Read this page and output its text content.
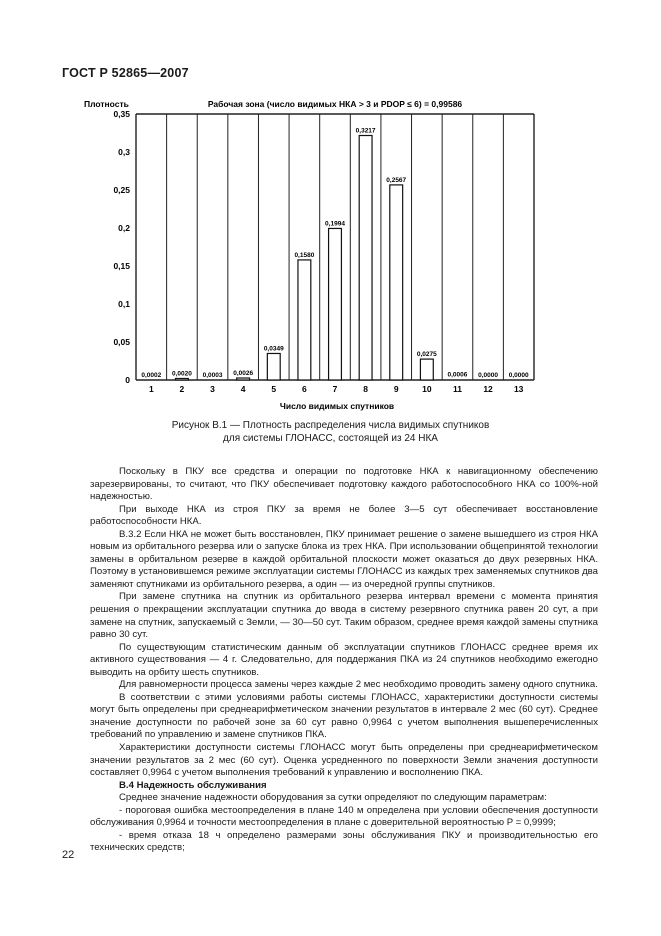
ГОСТ Р 52865—2007
Плотность	Рабочая зона (число видимых НКА > 3 и PDOP ≤ 6) = 0,99586
0,0002 0,0020 0,0003 0,0026
0,0349
0,1580
0,1994
0,3217
0,2567
0,0275
0,0006 0,0000 0,0000
0
0,05
0,1
0,15
0,2
0,25
0,3
0,35
1	2	3	4	5	6	7	8	9	10	11	12 13
Число видимых спутников
Рисунок В.1 — Плотность распределения числа видимых спутников
для системы ГЛОНАСС, состоящей из 24 НКА

Поскольку в ПКУ все средства и операции по подготовке НКА к навигационному обеспечению зарезервированы, то считают, что ПКУ обеспечивает подготовку каждого работоспособного НКА со 100%-ной надежностью.

При выходе НКА из строя ПКУ за время не более 3—5 сут обеспечивает восстановление работоспособности НКА.

В.3.2 Если НКА не может быть восстановлен, ПКУ принимает решение о замене вышедшего из строя НКА новым из орбитального резерва или о запуске блока из трех НКА. При использовании общепринятой технологии замены в орбитальном резерве в каждой орбитальной плоскости может оказаться до двух резервных НКА. Поэтому в установившемся режиме эксплуатации системы ГЛОНАСС из каждых трех заменяемых спутников два заменяют спутниками из орбитального резерва, а один — из очередной группы спутников.

При замене спутника на спутник из орбитального резерва интервал времени с момента принятия решения о прекращении эксплуатации спутника до ввода в систему резервного спутника равен 20 сут, а при замене на спутник, запускаемый с Земли, — 30—50 сут. Таким образом, среднее время каждой замены спутника равно 30 сут.

По существующим статистическим данным об эксплуатации спутников ГЛОНАСС среднее время их активного существования — 4 г. Следовательно, для поддержания ПКА из 24 спутников необходимо ежегодно выводить на орбиту шесть спутников.

Для равномерности процесса замены через каждые 2 мес необходимо проводить замену одного спутника.

В соответствии с этими условиями работы системы ГЛОНАСС, характеристики доступности системы могут быть определены при среднеарифметическом значении результатов в интервале 2 мес (60 сут). Среднее значение доступности по рабочей зоне за 60 сут равно 0,9964 с учетом выполнения вышеперечисленных требований по управлению и замене спутников ПКА.

Характеристики доступности системы ГЛОНАСС могут быть определены при среднеарифметическом значении результатов за 2 мес (60 сут). Оценка усредненного по поверхности Земли значения доступности составляет 0,9964 с учетом выполнения требований к управлению и восполнению ПКА.

В.4 Надежность обслуживания

Среднее значение надежности оборудования за сутки определяют по следующим параметрам:

- пороговая ошибка местоопределения в плане 140 м определена при условии обеспечения доступности обслуживания 0,9964 и точности местоопределения в плане с доверительной вероятностью P = 0,9999;

- время отказа 18 ч определено размерами зоны обслуживания ПКУ и производительностью его технических средств;

22
